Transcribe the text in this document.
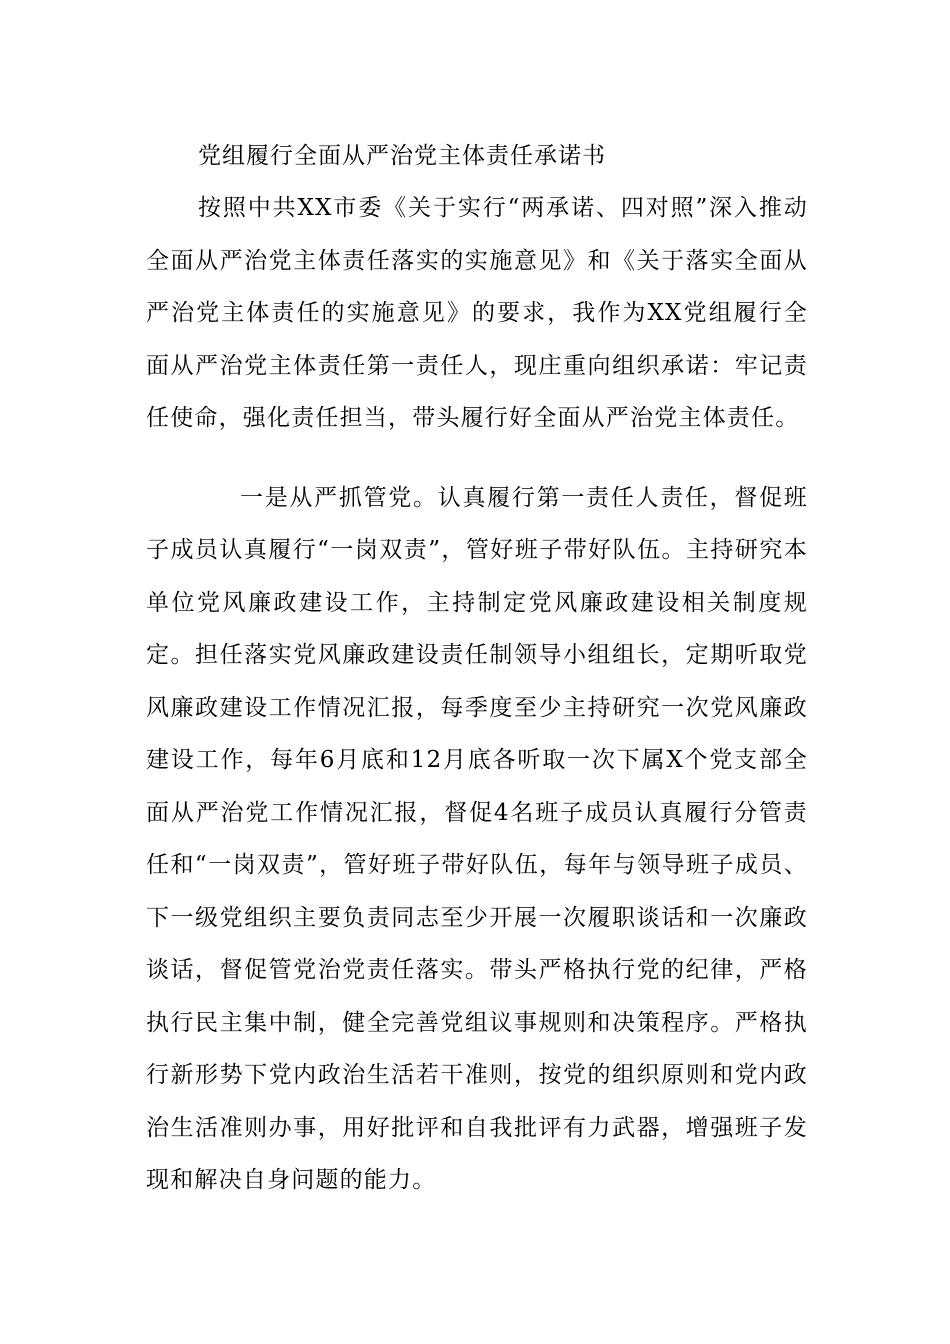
党组履行全面从严治党主体责任承诺书

按照中共XX市委《关于实行“两承诺、四对照”深入推动全面从严治党主体责任落实的实施意见》和《关于落实全面从严治党主体责任的实施意见》的要求，我作为XX党组履行全面从严治党主体责任第一责任人，现庄重向组织承诺：牢记责任使命，强化责任担当，带头履行好全面从严治党主体责任。

一是从严抓管党。认真履行第一责任人责任，督促班子成员认真履行“一岗双责”，管好班子带好队伍。主持研究本单位党风廉政建设工作，主持制定党风廉政建设相关制度规定。担任落实党风廉政建设责任制领导小组组长，定期听取党风廉政建设工作情况汇报，每季度至少主持研究一次党风廉政建设工作，每年6月底和12月底各听取一次下属X个党支部全面从严治党工作情况汇报，督促4名班子成员认真履行分管责任和“一岗双责”，管好班子带好队伍，每年与领导班子成员、下一级党组织主要负责同志至少开展一次履职谈话和一次廉政谈话，督促管党治党责任落实。带头严格执行党的纪律，严格执行民主集中制，健全完善党组议事规则和决策程序。严格执行新形势下党内政治生活若干准则，按党的组织原则和党内政治生活准则办事，用好批评和自我批评有力武器，增强班子发现和解决自身问题的能力。
